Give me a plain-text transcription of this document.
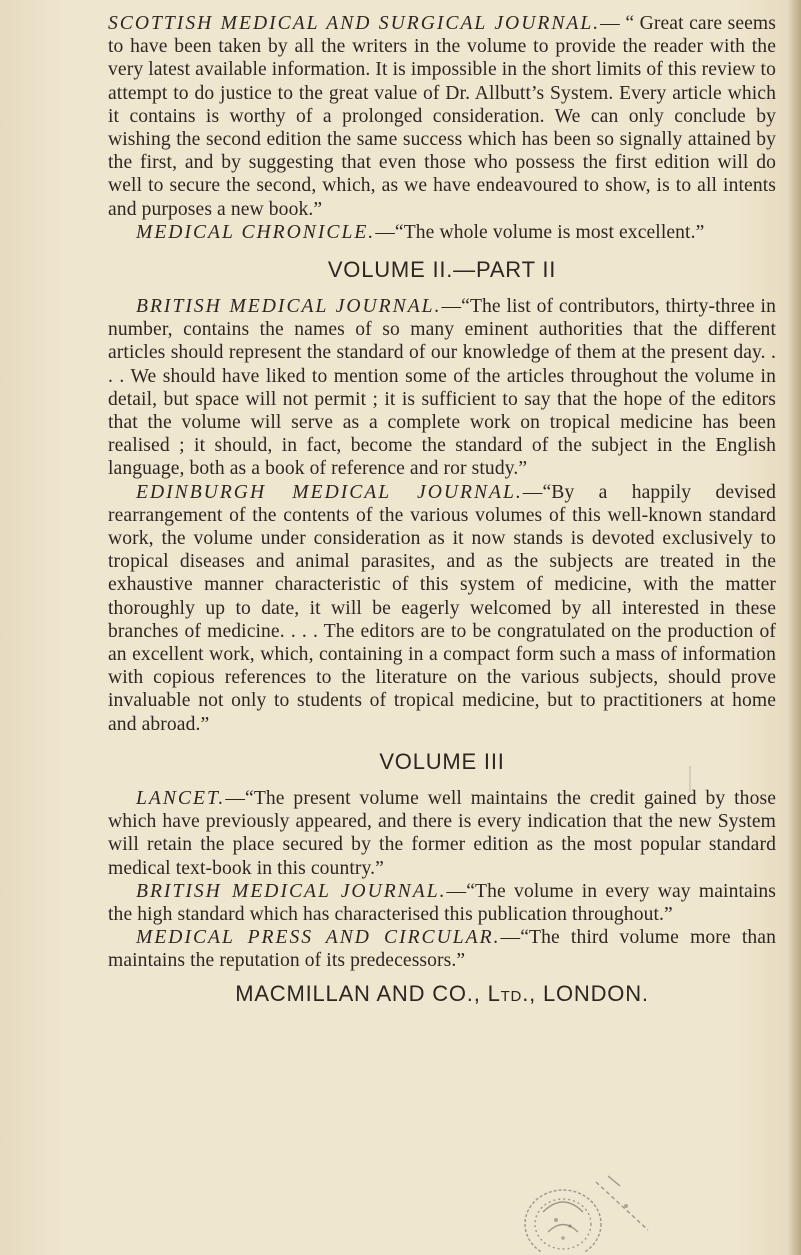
SCOTTISH MEDICAL AND SURGICAL JOURNAL.— “ Great care seems to have been taken by all the writers in the volume to provide the reader with the very latest available information. It is impossible in the short limits of this review to attempt to do justice to the great value of Dr. Allbutt’s System. Every article which it contains is worthy of a prolonged consideration. We can only conclude by wishing the second edition the same success which has been so signally attained by the first, and by suggesting that even those who possess the first edition will do well to secure the second, which, as we have endeavoured to show, is to all intents and purposes a new book.”

MEDICAL CHRONICLE.—“The whole volume is most excellent.”

VOLUME II.—PART II

BRITISH MEDICAL JOURNAL.—“The list of contributors, thirty-three in number, contains the names of so many eminent authorities that the different articles should represent the standard of our knowledge of them at the present day. . . . We should have liked to mention some of the articles throughout the volume in detail, but space will not permit ; it is sufficient to say that the hope of the editors that the volume will serve as a complete work on tropical medicine has been realised ; it should, in fact, become the standard of the subject in the English language, both as a book of reference and ror study.”

EDINBURGH MEDICAL JOURNAL.—“By a happily devised rearrangement of the contents of the various volumes of this well-known standard work, the volume under consideration as it now stands is devoted exclusively to tropical diseases and animal parasites, and as the subjects are treated in the exhaustive manner characteristic of this system of medicine, with the matter thoroughly up to date, it will be eagerly welcomed by all interested in these branches of medicine. . . . The editors are to be congratulated on the production of an excellent work, which, containing in a compact form such a mass of information with copious references to the literature on the various subjects, should prove invaluable not only to students of tropical medicine, but to practitioners at home and abroad.”

VOLUME III

LANCET.—“The present volume well maintains the credit gained by those which have previously appeared, and there is every indication that the new System will retain the place secured by the former edition as the most popular standard medical text-book in this country.”

BRITISH MEDICAL JOURNAL.—“The volume in every way maintains the high standard which has characterised this publication throughout.”

MEDICAL PRESS AND CIRCULAR.—“The third volume more than maintains the reputation of its predecessors.”

MACMILLAN AND CO., Ltd., LONDON.
